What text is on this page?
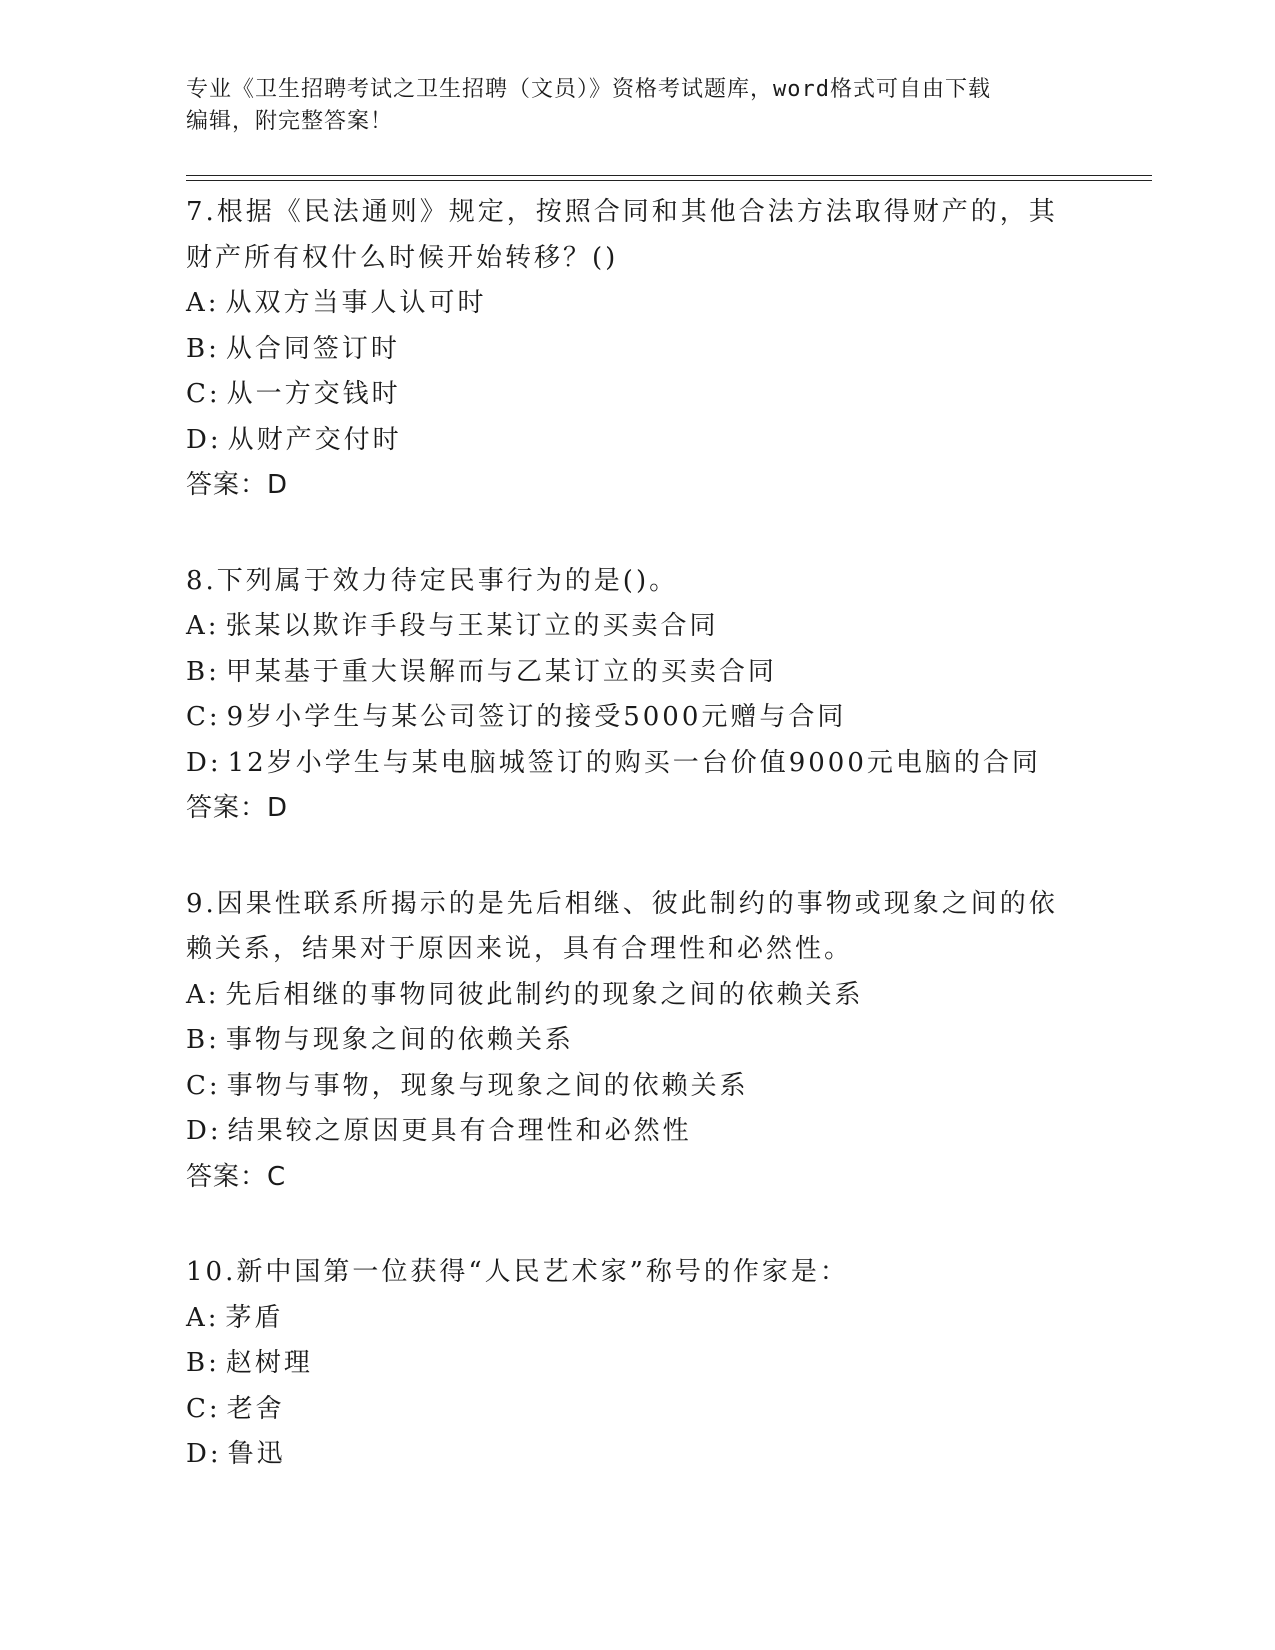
专业《卫生招聘考试之卫生招聘（文员）》资格考试题库，word格式可自由下载
编辑，附完整答案！
7.根据《民法通则》规定，按照合同和其他合法方法取得财产的，其
财产所有权什么时候开始转移？()
A: 从双方当事人认可时
B: 从合同签订时
C: 从一方交钱时
D: 从财产交付时
答案：D
8.下列属于效力待定民事行为的是()。
A: 张某以欺诈手段与王某订立的买卖合同
B: 甲某基于重大误解而与乙某订立的买卖合同
C: 9岁小学生与某公司签订的接受5000元赠与合同
D: 12岁小学生与某电脑城签订的购买一台价值9000元电脑的合同
答案：D
9.因果性联系所揭示的是先后相继、彼此制约的事物或现象之间的依
赖关系，结果对于原因来说，具有合理性和必然性。
A: 先后相继的事物同彼此制约的现象之间的依赖关系
B: 事物与现象之间的依赖关系
C: 事物与事物，现象与现象之间的依赖关系
D: 结果较之原因更具有合理性和必然性
答案：C
10.新中国第一位获得“人民艺术家”称号的作家是：
A: 茅盾
B: 赵树理
C: 老舍
D: 鲁迅
